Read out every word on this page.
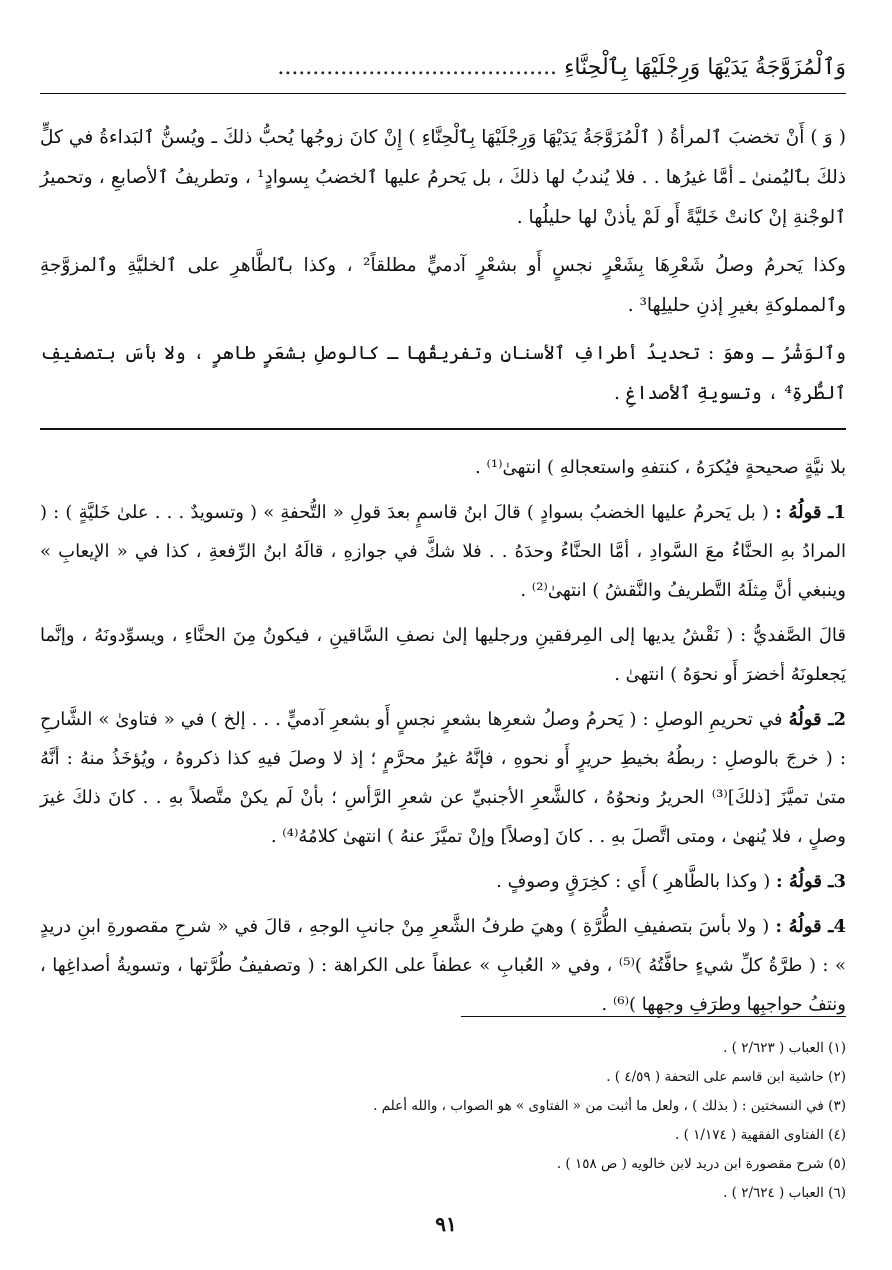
وَٱلْمُزَوَّجَةُ يَدَيْهَا وَرِجْلَيْهَا بِٱلْحِنَّاءِ ........................................

( وَ ) أَنْ تخضبَ ٱلمرأةُ ( ٱلْمُزَوَّجَةُ يَدَيْهَا وَرِجْلَيْهَا بِٱلْحِنَّاءِ ) إِنْ كانَ زوجُها يُحبُّ ذلكَ ـ ويُسنُّ ٱلبَداءةُ في كلٍّ ذلكَ بٱليُمنىٰ ـ أمَّا غيرُها . . فلا يُندبُ لها ذلكَ ، بل يَحرمُ عليها ٱلخضبُ بِسوادٍ¹ ، وتطريفُ ٱلأصابعِ ، وتحميرُ ٱلوجْنةِ إنْ كانتْ خَليَّةً أَو لَمْ يأذنْ لها حليلُها .

وكذا يَحرمُ وصلُ شَعْرِهَا بِشَعْرٍ نجسٍ أَو بشعْرٍ آدميٍّ مطلقاً² ، وكذا بٱلطَّاهرِ على ٱلخليَّةِ وٱلمزوَّجةِ وٱلمملوكةِ بغيرِ إذنِ حليلِها³ .

وٱلوَشْرُ ـ وهوَ : تحديدُ أطرافِ ٱلأسنانِ وتفريقُها ـ كالوصلِ بشعَرٍ طاهرٍ ، ولا بأسَ بتصفيفِ ٱلطُّرةِ⁴ ، وتسويةِ ٱلأصداغِ .

بلا نيَّةٍ صحيحةٍ فيُكرَهُ ، كنتفهِ واستعجالهِ ) انتهىٰ⁽¹⁾ .

1ـ قولُهُ : ( بل يَحرمُ عليها الخضبُ بسوادٍ ) قالَ ابنُ قاسمٍ بعدَ قولِ « التُّحفةِ » ( وتسويدٌ . . . علىٰ خَليَّةٍ ) : ( المرادُ بهِ الحنَّاءُ معَ السَّوادِ ، أمَّا الحنَّاءُ وحدَهُ . . فلا شكَّ في جوازهِ ، قالَهُ ابنُ الرِّفعةِ ، كذا في « الإيعابِ » وينبغي أنَّ مِثلَهُ التَّطريفُ والنَّقشُ ) انتهىٰ⁽²⁾ .

قالَ الصَّفديُّ : ( نَقْشُ يديها إلى المِرفقينِ ورجليها إلىٰ نصفِ السَّاقينِ ، فيكونُ مِنَ الحنَّاءِ ، ويسوِّدونَهُ ، وإنَّما يَجعلونَهُ أخضرَ أَو نحوَهُ ) انتهىٰ .

2ـ قولُهُ في تحريمِ الوصلِ : ( يَحرمُ وصلُ شعرِها بشعرٍ نجسٍ أَو بشعرِ آدميٍّ . . . إلخ ) في « فتاوىٰ » الشَّارحِ : ( خرجَ بالوصلِ : ربطُهُ بخيطِ حريرٍ أَو نحوهِ ، فإنَّهُ غيرُ محرَّمٍ ؛ إذ لا وصلَ فيهِ كذا ذكروهُ ، ويُؤخَذُ منهُ : أنَّهُ متىٰ تميَّزَ [ذلكَ]⁽³⁾ الحريرُ ونحوُهُ ، كالشَّعرِ الأجنبيِّ عن شعرِ الرَّأسِ ؛ بأنْ لَم يكنْ متَّصلاً بهِ . . كانَ ذلكَ غيرَ وصلٍ ، فلا يُنهىٰ ، ومتى اتَّصلَ بهِ . . كانَ [وصلاً] وإنْ تميَّزَ عنهُ ) انتهىٰ كلامُهُ⁽⁴⁾ .

3ـ قولُهُ : ( وكذا بالطَّاهرِ ) أَي : كخِرَقٍ وصوفٍ .

4ـ قولُهُ : ( ولا بأسَ بتصفيفِ الطُّرَّةِ ) وهيَ طرفُ الشَّعرِ مِنْ جانبِ الوجهِ ، قالَ في « شرحِ مقصورةِ ابنِ دريدٍ » : ( طرَّةُ كلِّ شيءٍ حافَّتُهُ )⁽⁵⁾ ، وفي « العُبابِ » عطفاً على الكراهة : ( وتصفيفُ طُرَّتها ، وتسويةُ أصداغِها ، ونتفُ حواجبِها وطرَفِ وجهِها )⁽⁶⁾ .

(١) العباب ( ٢/٦٢٣ ) .
(٢) حاشية ابن قاسم على التحفة ( ٤/٥٩ ) .
(٣) في النسختين : ( بذلك ) ، ولعل ما أثبت من « الفتاوى » هو الصواب ، والله أعلم .
(٤) الفتاوى الفقهية ( ١/١٧٤ ) .
(٥) شرح مقصورة ابن دريد لابن خالويه ( ص ١٥٨ ) .
(٦) العباب ( ٢/٦٢٤ ) .
٩١
